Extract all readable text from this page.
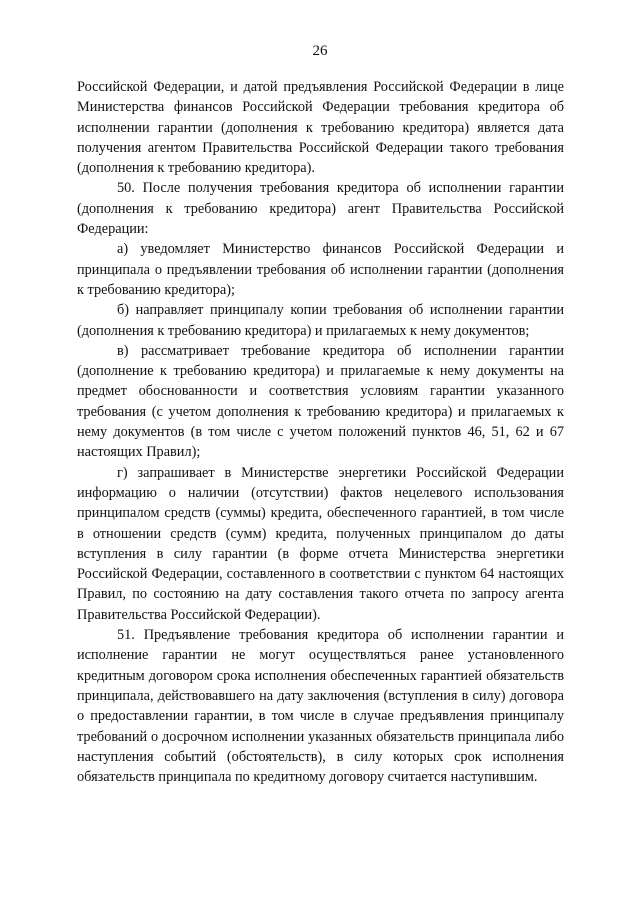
26

Российской Федерации, и датой предъявления Российской Федерации в лице Министерства финансов Российской Федерации требования кредитора об исполнении гарантии (дополнения к требованию кредитора) является дата получения агентом Правительства Российской Федерации такого требования (дополнения к требованию кредитора).

50. После получения требования кредитора об исполнении гарантии (дополнения к требованию кредитора) агент Правительства Российской Федерации:

а) уведомляет Министерство финансов Российской Федерации и принципала о предъявлении требования об исполнении гарантии (дополнения к требованию кредитора);

б) направляет принципалу копии требования об исполнении гарантии (дополнения к требованию кредитора) и прилагаемых к нему документов;

в) рассматривает требование кредитора об исполнении гарантии (дополнение к требованию кредитора) и прилагаемые к нему документы на предмет обоснованности и соответствия условиям гарантии указанного требования (с учетом дополнения к требованию кредитора) и прилагаемых к нему документов (в том числе с учетом положений пунктов 46, 51, 62 и 67 настоящих Правил);

г) запрашивает в Министерстве энергетики Российской Федерации информацию о наличии (отсутствии) фактов нецелевого использования принципалом средств (суммы) кредита, обеспеченного гарантией, в том числе в отношении средств (сумм) кредита, полученных принципалом до даты вступления в силу гарантии (в форме отчета Министерства энергетики Российской Федерации, составленного в соответствии с пунктом 64 настоящих Правил, по состоянию на дату составления такого отчета по запросу агента Правительства Российской Федерации).

51. Предъявление требования кредитора об исполнении гарантии и исполнение гарантии не могут осуществляться ранее установленного кредитным договором срока исполнения обеспеченных гарантией обязательств принципала, действовавшего на дату заключения (вступления в силу) договора о предоставлении гарантии, в том числе в случае предъявления принципалу требований о досрочном исполнении указанных обязательств принципала либо наступления событий (обстоятельств), в силу которых срок исполнения обязательств принципала по кредитному договору считается наступившим.
